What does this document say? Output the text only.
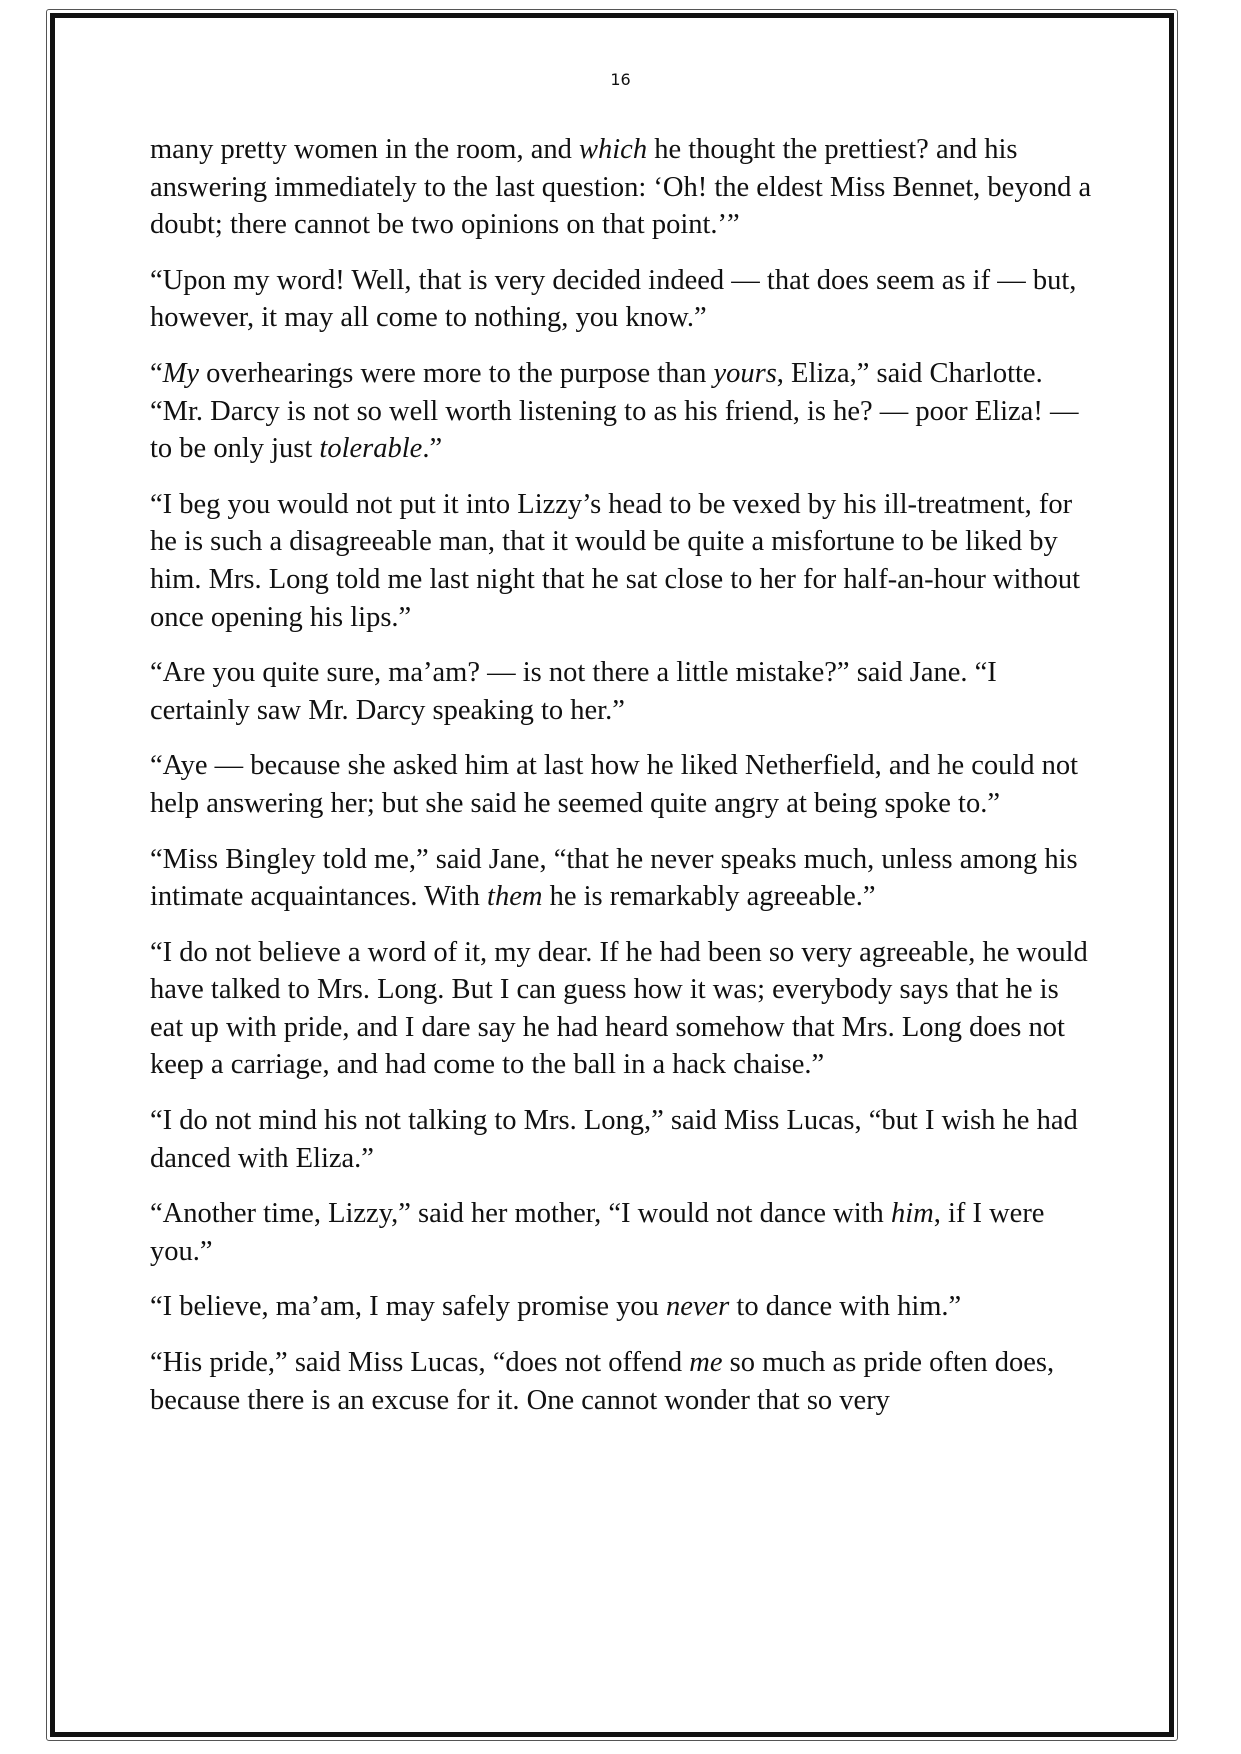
16

many pretty women in the room, and which he thought the prettiest? and his answering immediately to the last question: ‘Oh! the eldest Miss Bennet, beyond a doubt; there cannot be two opinions on that point.’”

“Upon my word! Well, that is very decided indeed — that does seem as if — but, however, it may all come to nothing, you know.”

“My overhearings were more to the purpose than yours, Eliza,” said Charlotte. “Mr. Darcy is not so well worth listening to as his friend, is he? — poor Eliza! — to be only just tolerable.”

“I beg you would not put it into Lizzy’s head to be vexed by his ill-treatment, for he is such a disagreeable man, that it would be quite a misfortune to be liked by him. Mrs. Long told me last night that he sat close to her for half-an-hour without once opening his lips.”

“Are you quite sure, ma’am? — is not there a little mistake?” said Jane. “I certainly saw Mr. Darcy speaking to her.”

“Aye — because she asked him at last how he liked Netherfield, and he could not help answering her; but she said he seemed quite angry at being spoke to.”

“Miss Bingley told me,” said Jane, “that he never speaks much, unless among his intimate acquaintances. With them he is remarkably agreeable.”

“I do not believe a word of it, my dear. If he had been so very agreeable, he would have talked to Mrs. Long. But I can guess how it was; everybody says that he is eat up with pride, and I dare say he had heard somehow that Mrs. Long does not keep a carriage, and had come to the ball in a hack chaise.”

“I do not mind his not talking to Mrs. Long,” said Miss Lucas, “but I wish he had danced with Eliza.”

“Another time, Lizzy,” said her mother, “I would not dance with him, if I were you.”

“I believe, ma’am, I may safely promise you never to dance with him.”

“His pride,” said Miss Lucas, “does not offend me so much as pride often does, because there is an excuse for it. One cannot wonder that so very
